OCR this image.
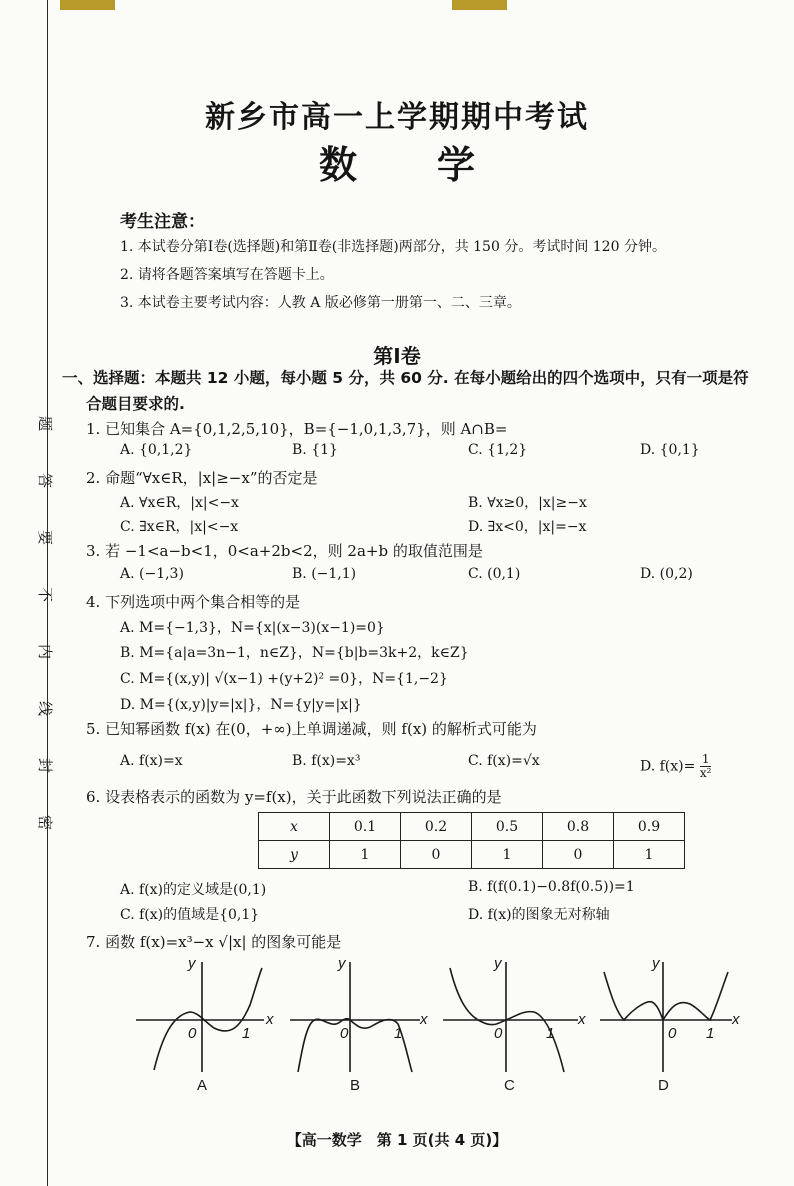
题
答
要
不
内
线
封
密
新乡市高一上学期期中考试
数学
考生注意：
1. 本试卷分第Ⅰ卷(选择题)和第Ⅱ卷(非选择题)两部分，共 150 分。考试时间 120 分钟。
2. 请将各题答案填写在答题卡上。
3. 本试卷主要考试内容：人教 A 版必修第一册第一、二、三章。
第Ⅰ卷
一、选择题：本题共 12 小题，每小题 5 分，共 60 分. 在每小题给出的四个选项中，只有一项是符
合题目要求的.
1. 已知集合 A={0,1,2,5,10}，B={−1,0,1,3,7}，则 A∩B=
A. {0,1,2}	B. {1}	C. {1,2}	D. {0,1}
2. 命题“∀x∈R，|x|≥−x”的否定是
A. ∀x∈R，|x|<−x	B. ∀x≥0，|x|≥−x
C. ∃x∈R，|x|<−x	D. ∃x<0，|x|=−x
3. 若 −1<a−b<1，0<a+2b<2，则 2a+b 的取值范围是
A. (−1,3)	B. (−1,1)	C. (0,1)	D. (0,2)
4. 下列选项中两个集合相等的是
A. M={−1,3}，N={x|(x−3)(x−1)=0}
B. M={a|a=3n−1，n∈Z}，N={b|b=3k+2，k∈Z}
C. M={(x,y)| √(x−1) +(y+2)² =0}，N={1,−2}
D. M={(x,y)|y=|x|}，N={y|y=|x|}
5. 已知幂函数 f(x) 在(0，+∞)上单调递减，则 f(x) 的解析式可能为
A. f(x)=x	B. f(x)=x³	C. f(x)=√x	D. $f(x)= \frac{1}{\text{x²}}$
6. 设表格表示的函数为 y=f(x)，关于此函数下列说法正确的是
x	0.1	0.2	0.5	0.8	0.9
y	1	0	1	0	1
A. f(x)的定义域是(0,1)	B. f(f(0.1)−0.8f(0.5))=1
C. f(x)的值域是{0,1}	D. f(x)的图象无对称轴
7. 函数 f(x)=x³−x √|x| 的图象可能是
y
x
0	1
y
x
0	1
y
x
0	1
y
x
0 1
A	B	C	D
【高一数学　第 1 页(共 4 页)】
